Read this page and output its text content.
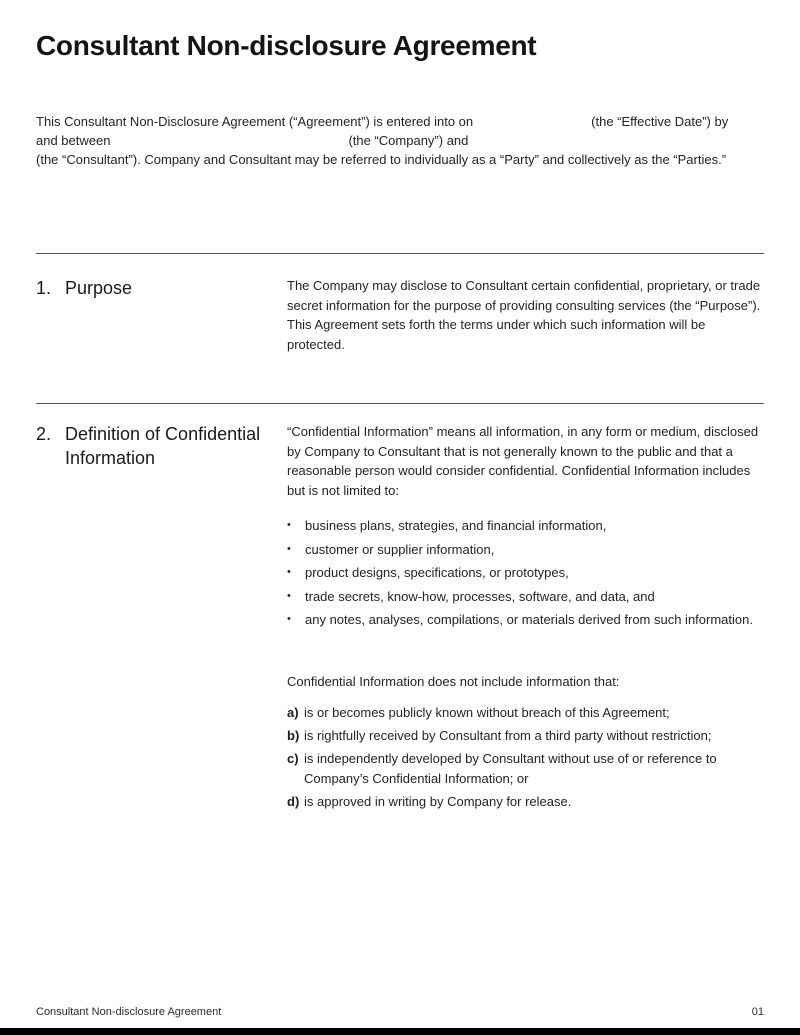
Consultant Non-disclosure Agreement
This Consultant Non-Disclosure Agreement (“Agreement”) is entered into on	(the “Effective Date”) by
and between	(the “Company”) and
(the “Consultant”). Company and Consultant may be referred to individually as a “Party” and collectively as the “Parties.”
1. Purpose	The Company may disclose to Consultant certain confidential, proprietary, or trade secret information for the purpose of providing consulting services (the “Purpose”). This Agreement sets forth the terms under which such information will be protected.

2. Definition of Confidential Information

“Confidential Information” means all information, in any form or medium, disclosed by Company to Consultant that is not generally known to the public and that a reasonable person would consider confidential. Confidential Information includes but is not limited to:

•	business plans, strategies, and financial information,
•	customer or supplier information,
•	product designs, specifications, or prototypes,
•	trade secrets, know-how, processes, software, and data, and
•	any notes, analyses, compilations, or materials derived from such information.

Confidential Information does not include information that:

a) is or becomes publicly known without breach of this Agreement;
b) is rightfully received by Consultant from a third party without restriction;
c) is independently developed by Consultant without use of or reference to Company’s Confidential Information; or
d) is approved in writing by Company for release.
Consultant Non-disclosure Agreement	01
